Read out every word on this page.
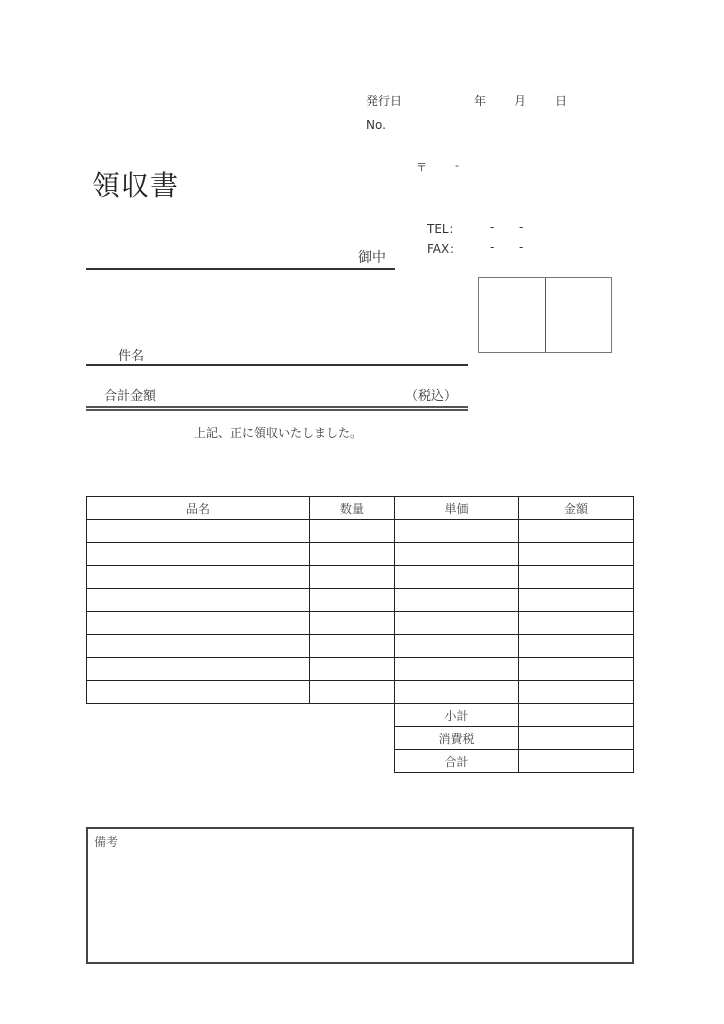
発行日	年 月 日
No.
領収書
〒	-
御中
TEL： - -
FAX： - -
件名
合計金額	（税込）
上記、正に領収いたしました。
品名	数量	単価	金額

		小計	
		消費税	
		合計	
備考
